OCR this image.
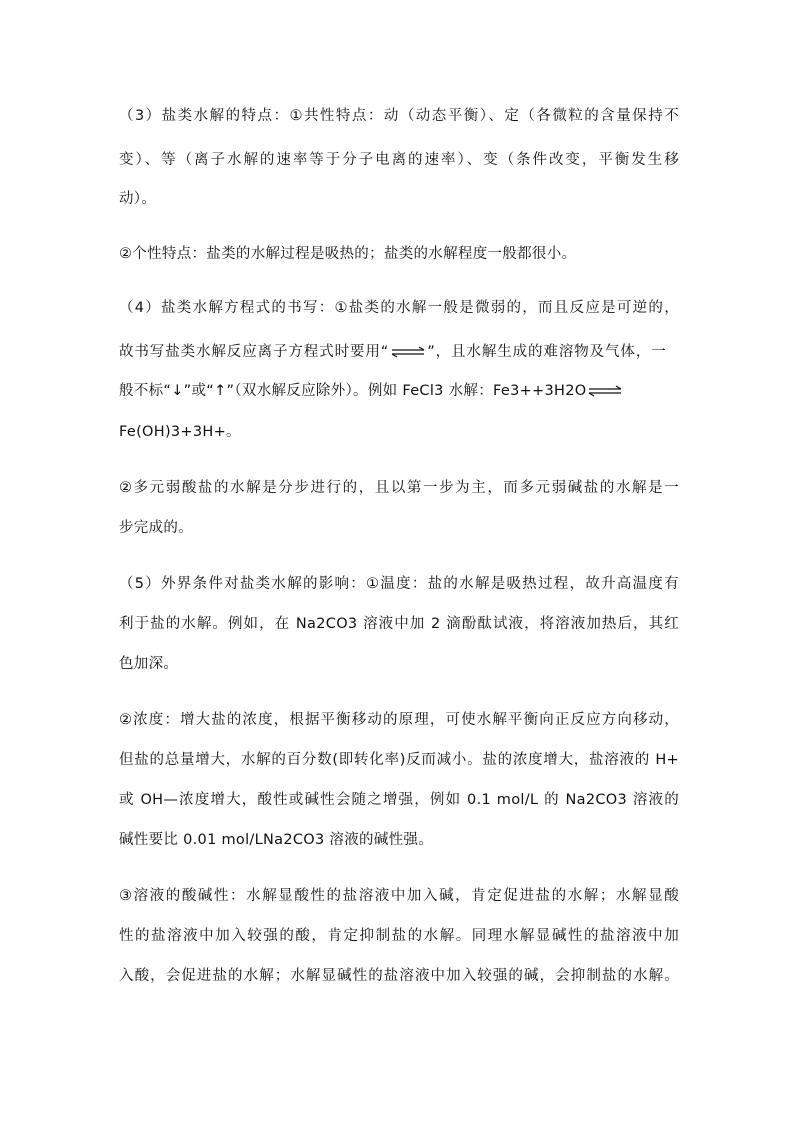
（3）盐类水解的特点：①共性特点：动（动态平衡）、定（各微粒的含量保持不
变）、等（离子水解的速率等于分子电离的速率）、变（条件改变，平衡发生移
动）。
②个性特点：盐类的水解过程是吸热的；盐类的水解程度一般都很小。
（4）盐类水解方程式的书写：①盐类的水解一般是微弱的，而且反应是可逆的，
故书写盐类水解反应离子方程式时要用“⇌”，且水解生成的难溶物及气体，一
般不标“↓”或“↑”（双水解反应除外）。例如 FeCl3 水解：Fe3++3H2O⇌
Fe(OH)3+3H+。
②多元弱酸盐的水解是分步进行的，且以第一步为主，而多元弱碱盐的水解是一
步完成的。
（5）外界条件对盐类水解的影响：①温度：盐的水解是吸热过程，故升高温度有
利于盐的水解。例如，在 Na2CO3 溶液中加 2 滴酚酞试液，将溶液加热后，其红
色加深。
②浓度：增大盐的浓度，根据平衡移动的原理，可使水解平衡向正反应方向移动，
但盐的总量增大，水解的百分数(即转化率)反而减小。盐的浓度增大，盐溶液的 H+
或 OH—浓度增大，酸性或碱性会随之增强，例如 0.1 mol/L 的 Na2CO3 溶液的
碱性要比 0.01 mol/LNa2CO3 溶液的碱性强。
③溶液的酸碱性：水解显酸性的盐溶液中加入碱，肯定促进盐的水解；水解显酸
性的盐溶液中加入较强的酸，肯定抑制盐的水解。同理水解显碱性的盐溶液中加
入酸，会促进盐的水解；水解显碱性的盐溶液中加入较强的碱，会抑制盐的水解。
